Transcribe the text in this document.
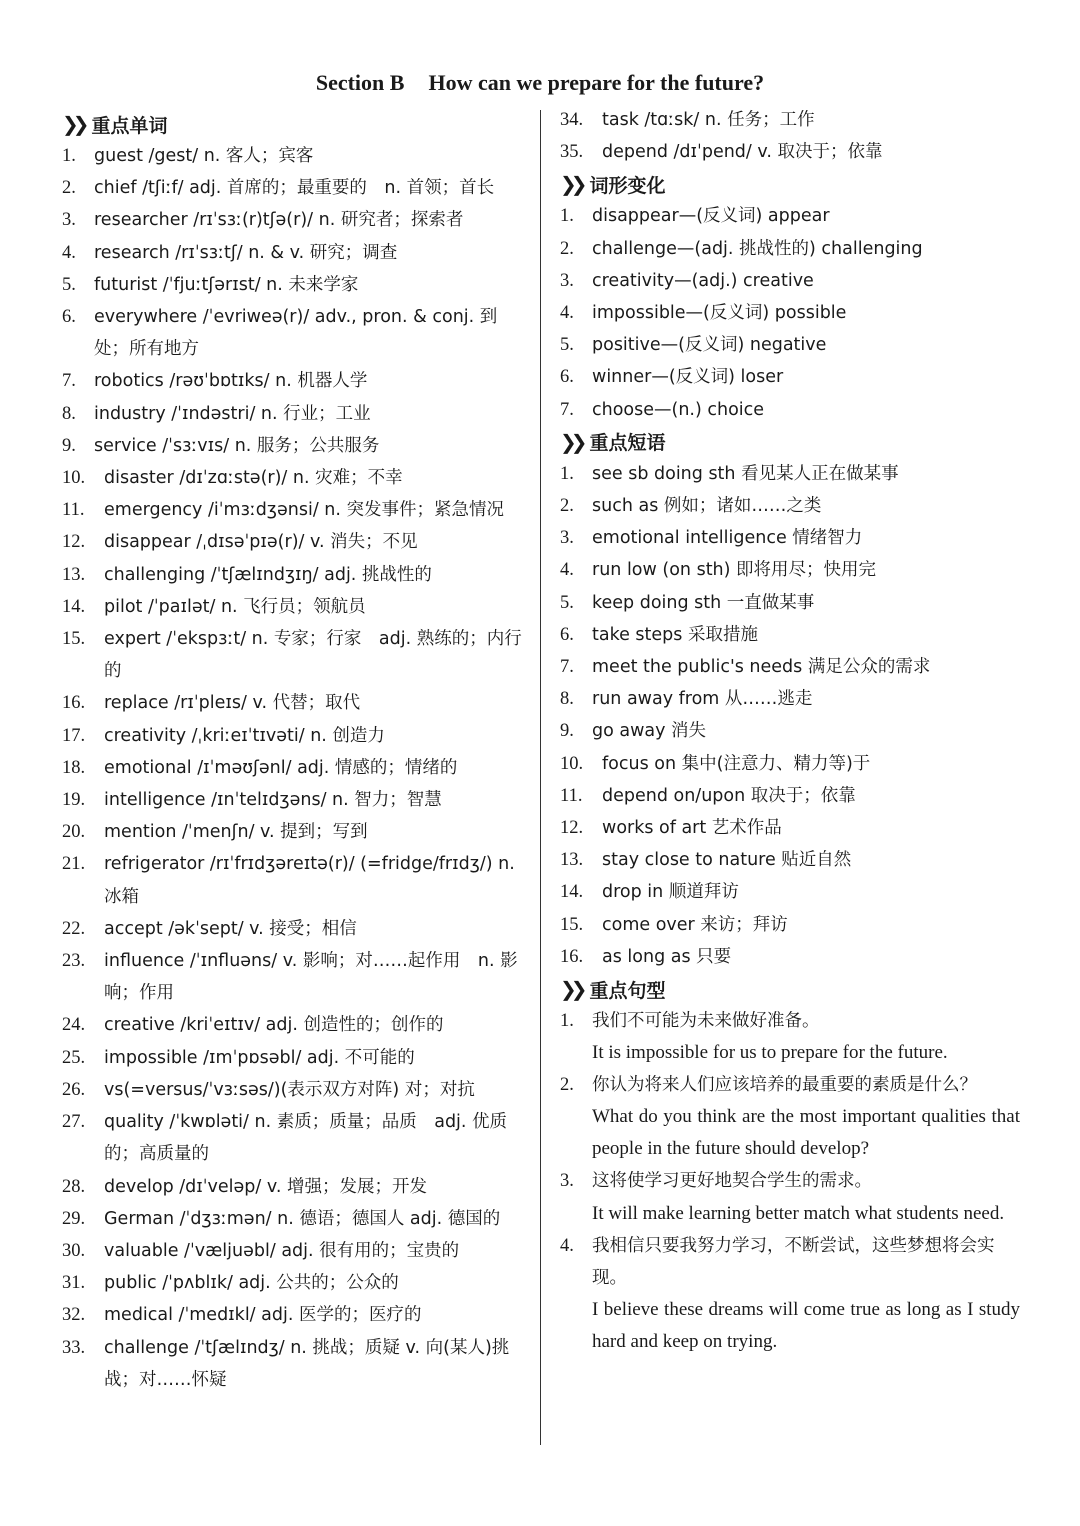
Section B How can we prepare for the future?
❯❯ 重点单词
1.	guest /gest/ n. 客人；宾客
2.	chief /tʃiːf/ adj. 首席的；最重要的　n. 首领；首长
3.	researcher /rɪˈsɜː(r)tʃə(r)/ n. 研究者；探索者
4.	research /rɪˈsɜːtʃ/ n. & v. 研究；调查
5.	futurist /ˈfjuːtʃərɪst/ n. 未来学家
6.	everywhere /ˈevriweə(r)/ adv., pron. & conj. 到处；所有地方
7.	robotics /rəʊˈbɒtɪks/ n. 机器人学
8.	industry /ˈɪndəstri/ n. 行业；工业
9.	service /ˈsɜːvɪs/ n. 服务；公共服务
10.	disaster /dɪˈzɑːstə(r)/ n. 灾难；不幸
11.	emergency /iˈmɜːdʒənsi/ n. 突发事件；紧急情况
12.	disappear /ˌdɪsəˈpɪə(r)/ v. 消失；不见
13.	challenging /ˈtʃælɪndʒɪŋ/ adj. 挑战性的
14.	pilot /ˈpaɪlət/ n. 飞行员；领航员
15.	expert /ˈekspɜːt/ n. 专家；行家　adj. 熟练的；内行的
16.	replace /rɪˈpleɪs/ v. 代替；取代
17.	creativity /ˌkriːeɪˈtɪvəti/ n. 创造力
18.	emotional /ɪˈməʊʃənl/ adj. 情感的；情绪的
19.	intelligence /ɪnˈtelɪdʒəns/ n. 智力；智慧
20.	mention /ˈmenʃn/ v. 提到；写到
21.	refrigerator /rɪˈfrɪdʒəreɪtə(r)/ (=fridge/frɪdʒ/) n. 冰箱
22.	accept /əkˈsept/ v. 接受；相信
23.	influence /ˈɪnfluəns/ v. 影响；对……起作用　n. 影响；作用
24.	creative /kriˈeɪtɪv/ adj. 创造性的；创作的
25.	impossible /ɪmˈpɒsəbl/ adj. 不可能的
26.	vs(=versus/ˈvɜːsəs/)(表示双方对阵) 对；对抗
27.	quality /ˈkwɒləti/ n. 素质；质量；品质　adj. 优质的；高质量的
28.	develop /dɪˈveləp/ v. 增强；发展；开发
29.	German /ˈdʒɜːmən/ n. 德语；德国人 adj. 德国的
30.	valuable /ˈvæljuəbl/ adj. 很有用的；宝贵的
31.	public /ˈpʌblɪk/ adj. 公共的；公众的
32.	medical /ˈmedɪkl/ adj. 医学的；医疗的
33.	challenge /ˈtʃælɪndʒ/ n. 挑战；质疑 v. 向(某人)挑战；对……怀疑
34.	task /tɑːsk/ n. 任务；工作
35.	depend /dɪˈpend/ v. 取决于；依靠
❯❯ 词形变化
1.	disappear—(反义词) appear
2.	challenge—(adj. 挑战性的) challenging
3.	creativity—(adj.) creative
4.	impossible—(反义词) possible
5.	positive—(反义词) negative
6.	winner—(反义词) loser
7.	choose—(n.) choice
❯❯ 重点短语
1.	see sb doing sth 看见某人正在做某事
2.	such as 例如；诸如……之类
3.	emotional intelligence 情绪智力
4.	run low (on sth) 即将用尽；快用完
5.	keep doing sth 一直做某事
6.	take steps 采取措施
7.	meet the public's needs 满足公众的需求
8.	run away from 从……逃走
9.	go away 消失
10.	focus on 集中(注意力、精力等)于
11.	depend on/upon 取决于；依靠
12.	works of art 艺术作品
13.	stay close to nature 贴近自然
14.	drop in 顺道拜访
15.	come over 来访；拜访
16.	as long as 只要
❯❯ 重点句型
1.	我们不可能为未来做好准备。
It is impossible for us to prepare for the future.
2.	你认为将来人们应该培养的最重要的素质是什么？
What do you think are the most important qualities that people in the future should develop?
3.	这将使学习更好地契合学生的需求。
It will make learning better match what students need.
4.	我相信只要我努力学习，不断尝试，这些梦想将会实现。
I believe these dreams will come true as long as I study hard and keep on trying.
